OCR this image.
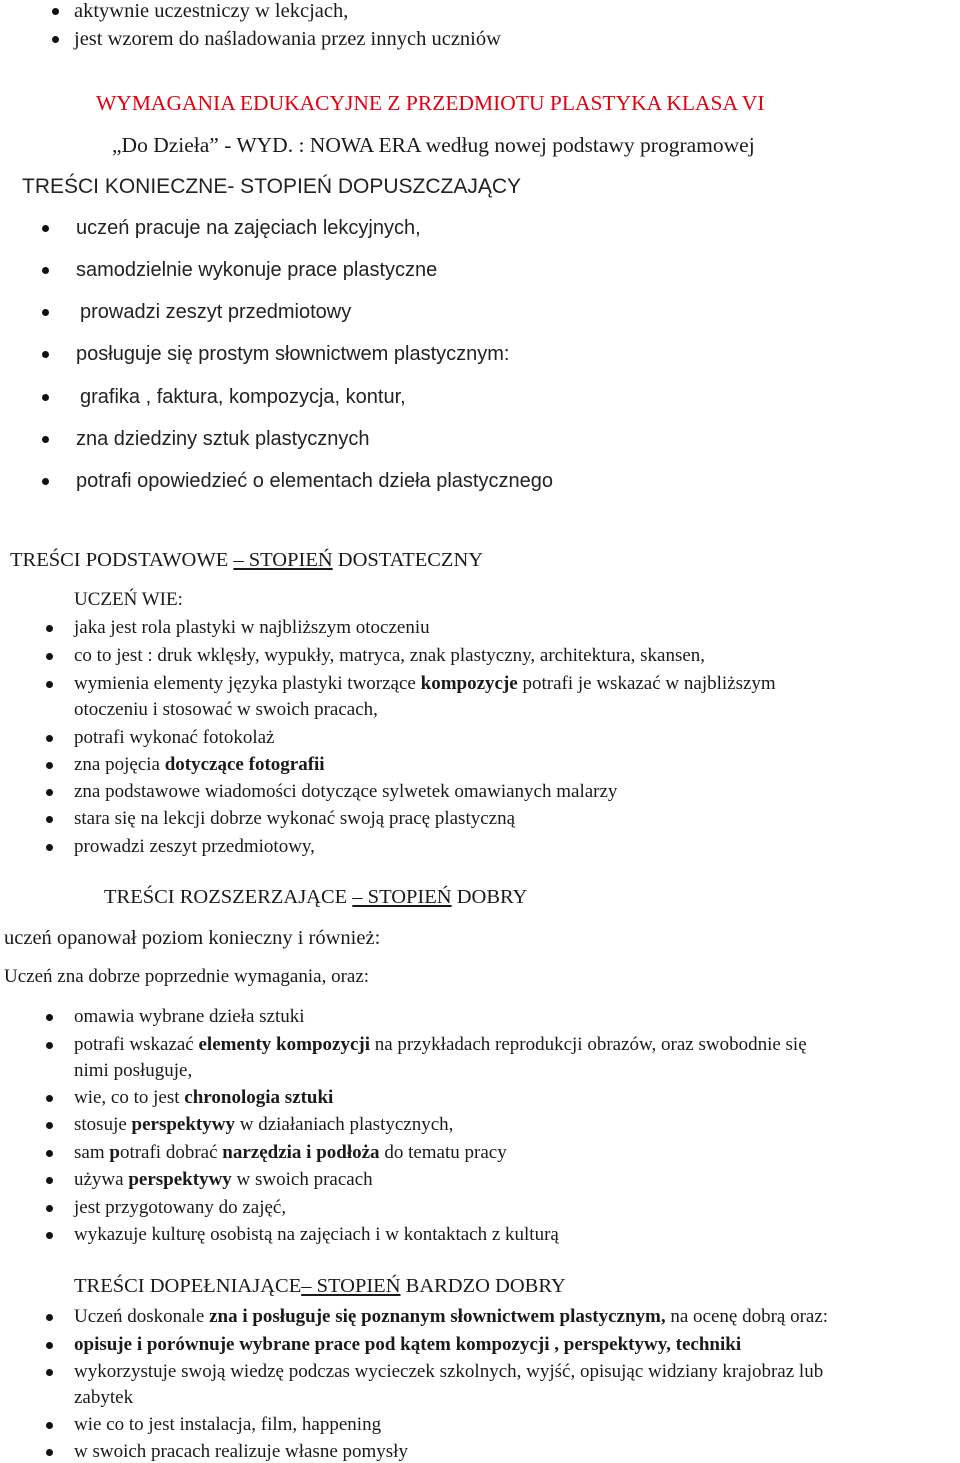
aktywnie uczestniczy w lekcjach,
jest wzorem do naśladowania przez innych uczniów
WYMAGANIA EDUKACYJNE Z PRZEDMIOTU PLASTYKA KLASA VI
„Do Dzieła” - WYD. : NOWA ERA według nowej podstawy programowej
TREŚCI KONIECZNE- STOPIEŃ DOPUSZCZAJĄCY
uczeń pracuje na zajęciach lekcyjnych,
samodzielnie wykonuje prace plastyczne
prowadzi zeszyt przedmiotowy
posługuje się prostym słownictwem plastycznym:
grafika , faktura, kompozycja, kontur,
zna dziedziny sztuk plastycznych
potrafi opowiedzieć o elementach dzieła plastycznego
TREŚCI PODSTAWOWE – STOPIEŃ DOSTATECZNY
UCZEŃ WIE:
jaka jest rola plastyki w najbliższym otoczeniu
co to jest : druk wklęsły, wypukły, matryca, znak plastyczny, architektura, skansen,
wymienia elementy języka plastyki tworzące kompozycje potrafi je wskazać w najbliższym
otoczeniu i stosować w swoich pracach,
potrafi wykonać fotokolaż
zna pojęcia dotyczące fotografii
zna podstawowe wiadomości dotyczące sylwetek omawianych malarzy
stara się na lekcji dobrze wykonać swoją pracę plastyczną
prowadzi zeszyt przedmiotowy,
TREŚCI ROZSZERZAJĄCE – STOPIEŃ DOBRY
uczeń opanował poziom konieczny i również:
Uczeń zna dobrze poprzednie wymagania, oraz:
omawia wybrane dzieła sztuki
potrafi wskazać elementy kompozycji na przykładach reprodukcji obrazów, oraz swobodnie się
nimi posługuje,
wie, co to jest chronologia sztuki
stosuje perspektywy w działaniach plastycznych,
sam potrafi dobrać narzędzia i podłoża do tematu pracy
używa perspektywy w swoich pracach
jest przygotowany do zajęć,
wykazuje kulturę osobistą na zajęciach i w kontaktach z kulturą
TREŚCI DOPEŁNIAJĄCE– STOPIEŃ BARDZO DOBRY
Uczeń doskonale zna i posługuje się poznanym słownictwem plastycznym, na ocenę dobrą oraz:
opisuje i porównuje wybrane prace pod kątem kompozycji , perspektywy, techniki
wykorzystuje swoją wiedzę podczas wycieczek szkolnych, wyjść, opisując widziany krajobraz lub
zabytek
wie co to jest instalacja, film, happening
w swoich pracach realizuje własne pomysły
